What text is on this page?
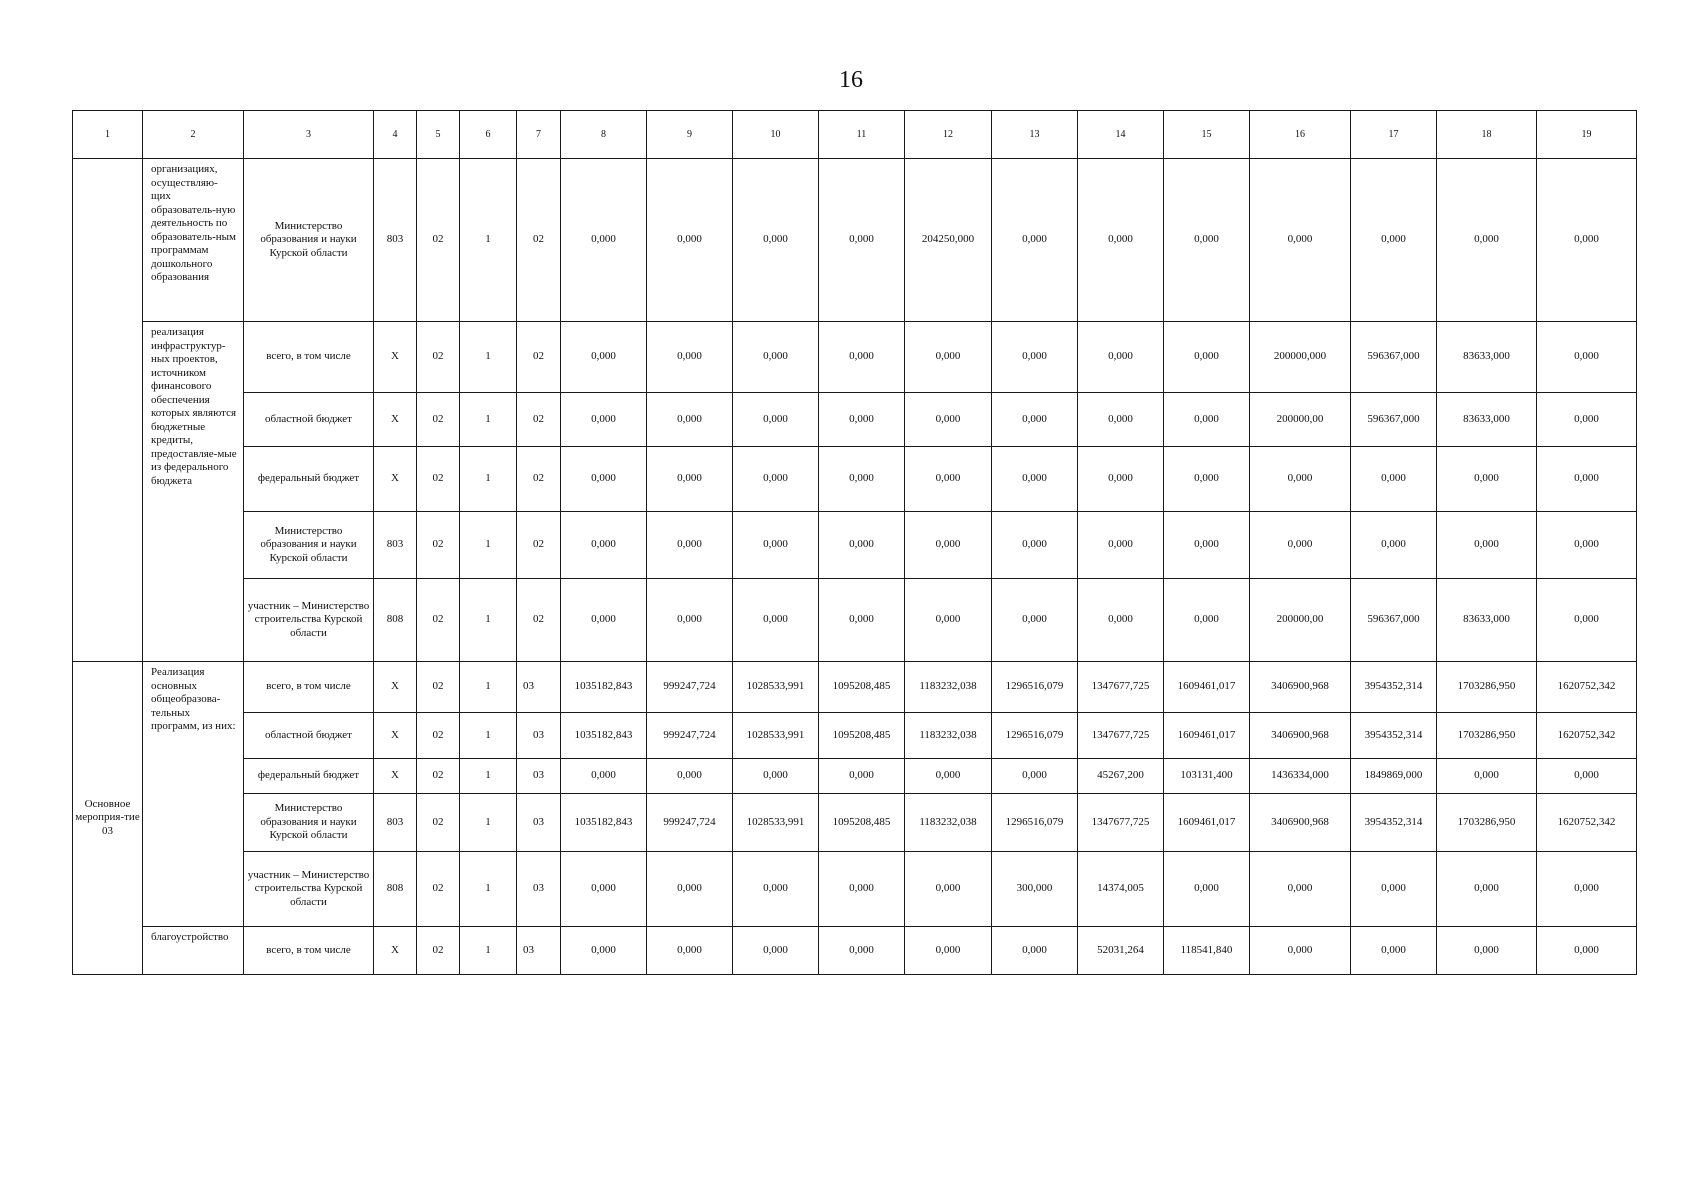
16
1	2	3	4	5	6	7	8	9	10	11	12	13	14	15	16	17	18	19
	организациях, осуществляю-щих образователь-ную деятельность по образователь-ным программам дошкольного образования	Министерство образования и науки Курской области	803	02	1	02	0,000	0,000	0,000	0,000	204250,000	0,000	0,000	0,000	0,000	0,000	0,000	0,000
	реализация инфраструктур-ных проектов, источником финансового обеспечения которых являются бюджетные кредиты, предоставляе-мые из федерального бюджета	всего, в том числе	X	02	1	02	0,000	0,000	0,000	0,000	0,000	0,000	0,000	0,000	200000,000	596367,000	83633,000	0,000
		областной бюджет	X	02	1	02	0,000	0,000	0,000	0,000	0,000	0,000	0,000	0,000	200000,00	596367,000	83633,000	0,000
		федеральный бюджет	X	02	1	02	0,000	0,000	0,000	0,000	0,000	0,000	0,000	0,000	0,000	0,000	0,000	0,000
		Министерство образования и науки Курской области	803	02	1	02	0,000	0,000	0,000	0,000	0,000	0,000	0,000	0,000	0,000	0,000	0,000	0,000
		участник – Министерство строительства Курской области	808	02	1	02	0,000	0,000	0,000	0,000	0,000	0,000	0,000	0,000	200000,00	596367,000	83633,000	0,000
Основное мероприя-тие 03	Реализация основных общеобразова-тельных программ, из них:	всего, в том числе	X	02	1	03	1035182,843	999247,724	1028533,991	1095208,485	1183232,038	1296516,079	1347677,725	1609461,017	3406900,968	3954352,314	1703286,950	1620752,342
		областной бюджет	X	02	1	03	1035182,843	999247,724	1028533,991	1095208,485	1183232,038	1296516,079	1347677,725	1609461,017	3406900,968	3954352,314	1703286,950	1620752,342
		федеральный бюджет	X	02	1	03	0,000	0,000	0,000	0,000	0,000	0,000	45267,200	103131,400	1436334,000	1849869,000	0,000	0,000
		Министерство образования и науки Курской области	803	02	1	03	1035182,843	999247,724	1028533,991	1095208,485	1183232,038	1296516,079	1347677,725	1609461,017	3406900,968	3954352,314	1703286,950	1620752,342
		участник – Министерство строительства Курской области	808	02	1	03	0,000	0,000	0,000	0,000	0,000	300,000	14374,005	0,000	0,000	0,000	0,000	0,000
	благоустройство	всего, в том числе	X	02	1	03	0,000	0,000	0,000	0,000	0,000	0,000	52031,264	118541,840	0,000	0,000	0,000	0,000
